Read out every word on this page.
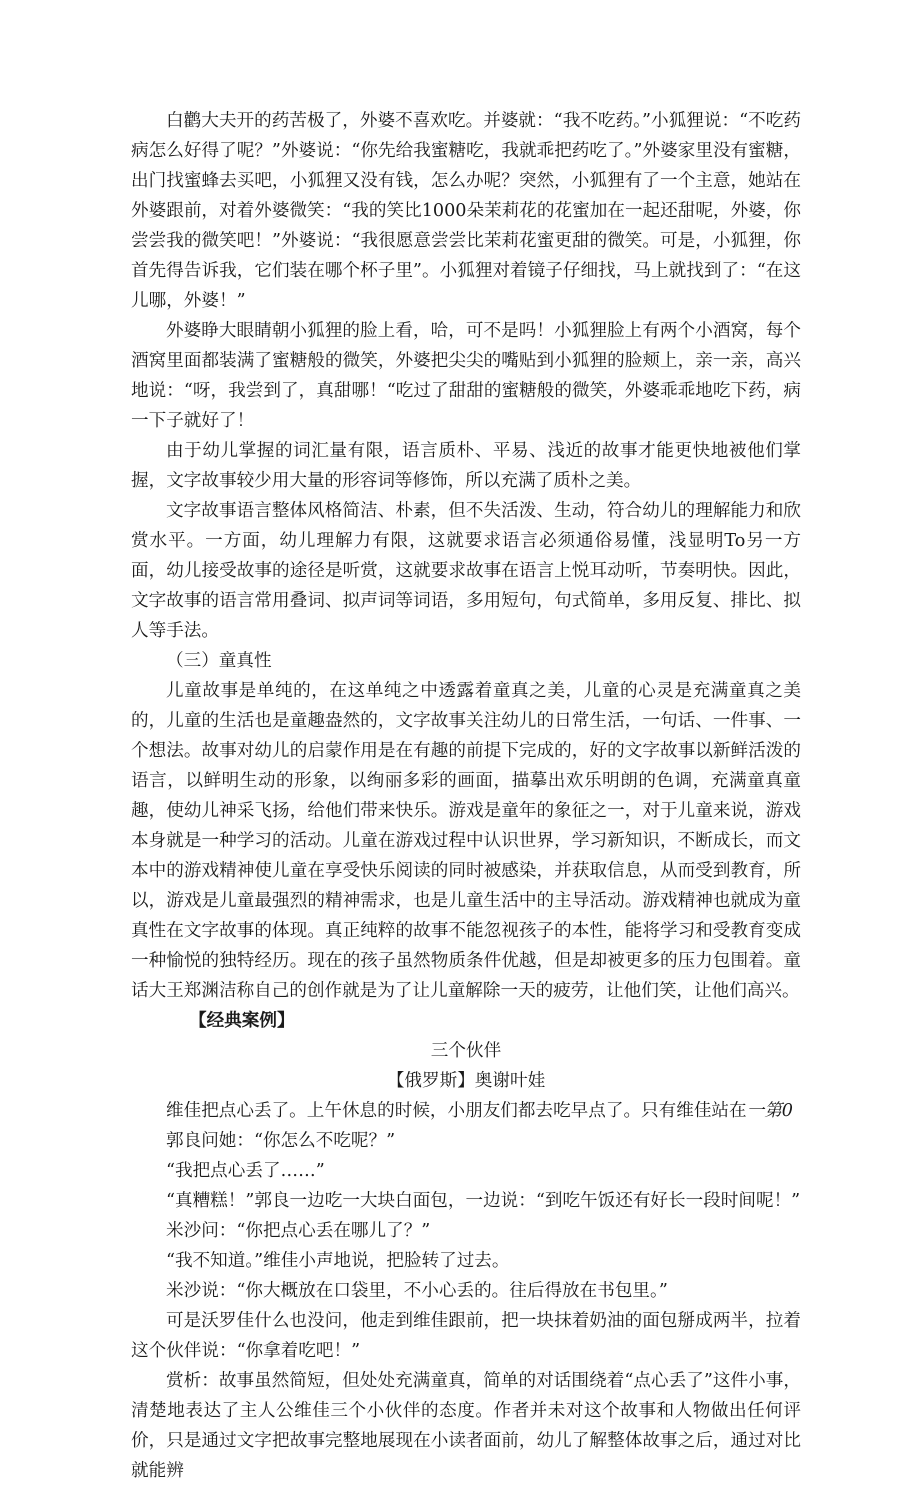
白鹳大夫开的药苦极了，外婆不喜欢吃。并婆就：“我不吃药。”小狐狸说：“不吃药病怎么好得了呢？”外婆说：“你先给我蜜糖吃，我就乖把药吃了。”外婆家里没有蜜糖，出门找蜜蜂去买吧，小狐狸又没有钱，怎么办呢？突然，小狐狸有了一个主意，她站在外婆跟前，对着外婆微笑：“我的笑比1000朵茉莉花的花蜜加在一起还甜呢，外婆，你尝尝我的微笑吧！”外婆说：“我很愿意尝尝比茉莉花蜜更甜的微笑。可是，小狐狸，你首先得告诉我，它们装在哪个杯子里”。小狐狸对着镜子仔细找，马上就找到了：“在这儿哪，外婆！”

外婆睁大眼睛朝小狐狸的脸上看，哈，可不是吗！小狐狸脸上有两个小酒窝，每个酒窝里面都装满了蜜糖般的微笑，外婆把尖尖的嘴贴到小狐狸的脸颊上，亲一亲，高兴地说：“呀，我尝到了，真甜哪！“吃过了甜甜的蜜糖般的微笑，外婆乖乖地吃下药，病一下子就好了！

由于幼儿掌握的词汇量有限，语言质朴、平易、浅近的故事才能更快地被他们掌握，文字故事较少用大量的形容词等修饰，所以充满了质朴之美。

文字故事语言整体风格简洁、朴素，但不失活泼、生动，符合幼儿的理解能力和欣赏水平。一方面，幼儿理解力有限，这就要求语言必须通俗易懂，浅显明To另一方面，幼儿接受故事的途径是听赏，这就要求故事在语言上悦耳动听，节奏明快。因此，文字故事的语言常用叠词、拟声词等词语，多用短句，句式简单，多用反复、排比、拟人等手法。

（三）童真性

儿童故事是单纯的，在这单纯之中透露着童真之美，儿童的心灵是充满童真之美的，儿童的生活也是童趣盎然的，文字故事关注幼儿的日常生活，一句话、一件事、一个想法。故事对幼儿的启蒙作用是在有趣的前提下完成的，好的文字故事以新鲜活泼的语言，以鲜明生动的形象，以绚丽多彩的画面，描摹出欢乐明朗的色调，充满童真童趣，使幼儿神采飞扬，给他们带来快乐。游戏是童年的象征之一，对于儿童来说，游戏本身就是一种学习的活动。儿童在游戏过程中认识世界，学习新知识，不断成长，而文本中的游戏精神使儿童在享受快乐阅读的同时被感染，并获取信息，从而受到教育，所以，游戏是儿童最强烈的精神需求，也是儿童生活中的主导活动。游戏精神也就成为童真性在文字故事的体现。真正纯粹的故事不能忽视孩子的本性，能将学习和受教育变成一种愉悦的独特经历。现在的孩子虽然物质条件优越，但是却被更多的压力包围着。童话大王郑渊洁称自己的创作就是为了让儿童解除一天的疲劳，让他们笑，让他们高兴。

【经典案例】

三个伙伴

【俄罗斯】奥谢叶娃

维佳把点心丢了。上午休息的时候，小朋友们都去吃早点了。只有维佳站在一第0

郭良问她：“你怎么不吃呢？”

“我把点心丢了……”

“真糟糕！”郭良一边吃一大块白面包，一边说：“到吃午饭还有好长一段时间呢！”

米沙问：“你把点心丢在哪儿了？”

“我不知道。”维佳小声地说，把脸转了过去。

米沙说：“你大概放在口袋里，不小心丢的。往后得放在书包里。”

可是沃罗佳什么也没问，他走到维佳跟前，把一块抹着奶油的面包掰成两半，拉着这个伙伴说：“你拿着吃吧！”

赏析：故事虽然简短，但处处充满童真，简单的对话围绕着“点心丢了”这件小事，清楚地表达了主人公维佳三个小伙伴的态度。作者并未对这个故事和人物做出任何评价，只是通过文字把故事完整地展现在小读者面前，幼儿了解整体故事之后，通过对比就能辨
